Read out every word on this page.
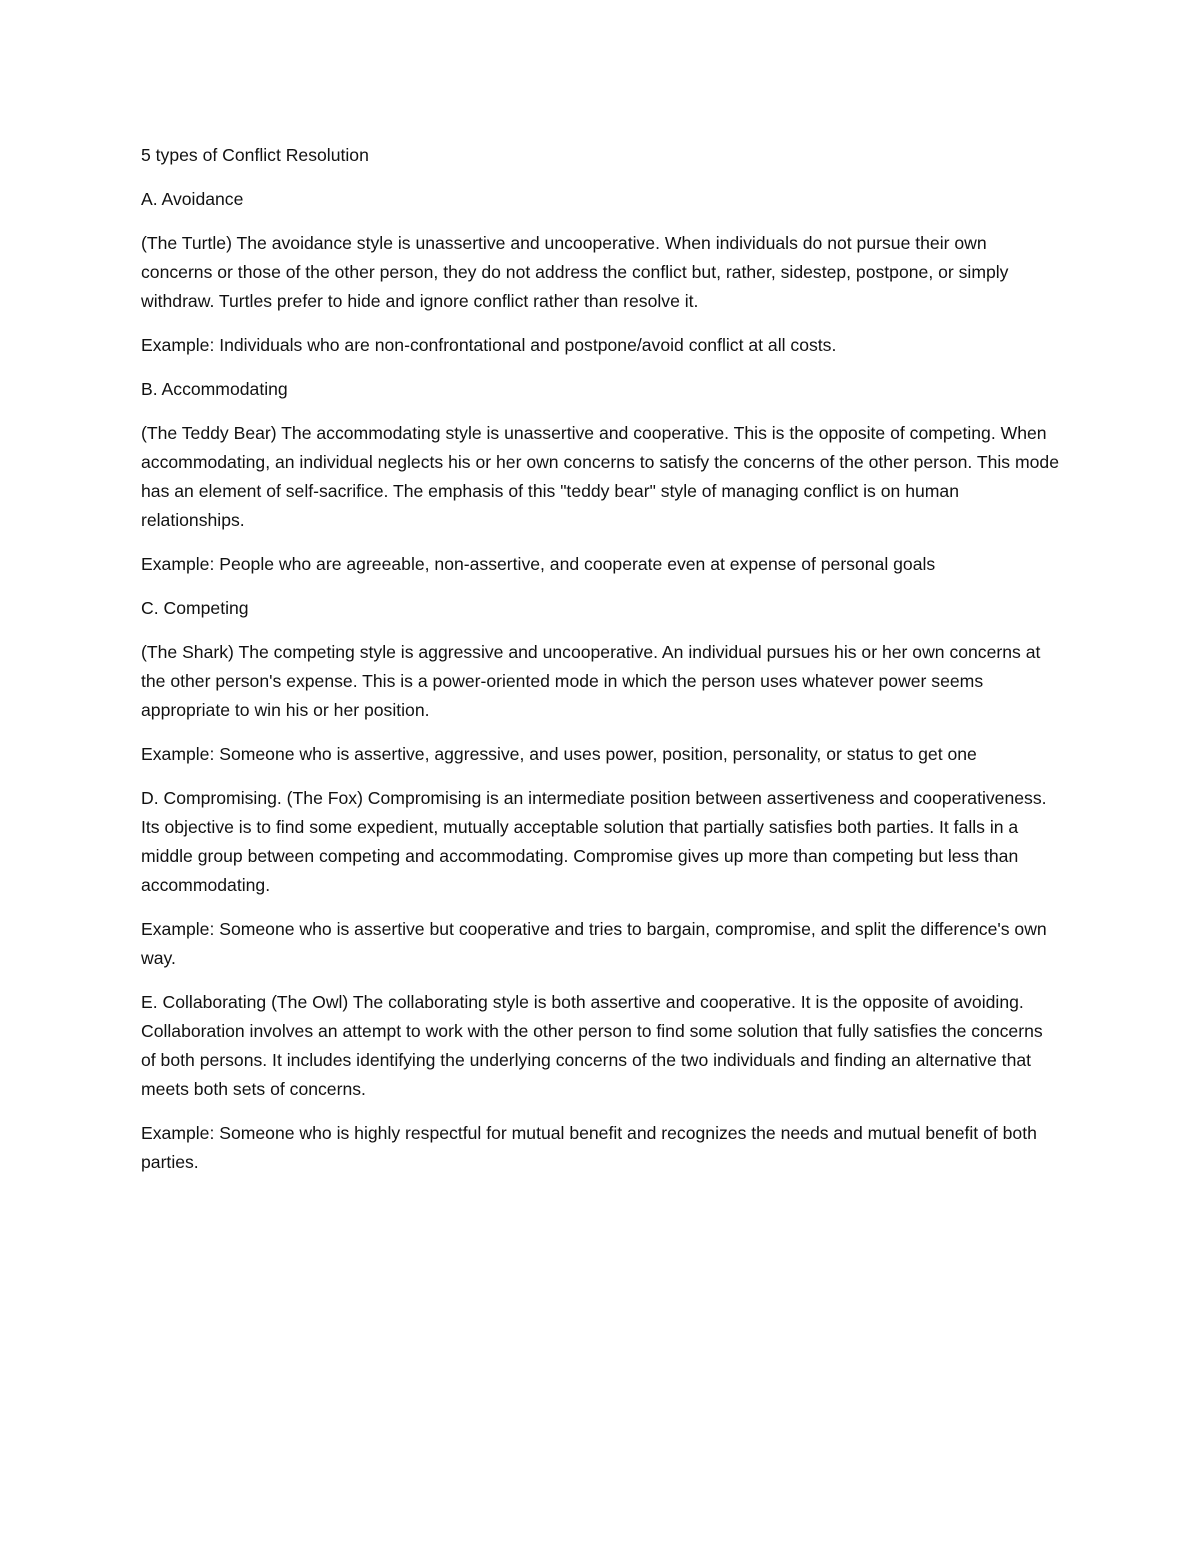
5 types of Conflict Resolution

A. Avoidance

(The Turtle) The avoidance style is unassertive and uncooperative. When individuals do not pursue their own concerns or those of the other person, they do not address the conflict but, rather, sidestep, postpone, or simply withdraw. Turtles prefer to hide and ignore conflict rather than resolve it.

Example: Individuals who are non-confrontational and postpone/avoid conflict at all costs.

B. Accommodating

(The Teddy Bear) The accommodating style is unassertive and cooperative. This is the opposite of competing. When accommodating, an individual neglects his or her own concerns to satisfy the concerns of the other person. This mode has an element of self-sacrifice. The emphasis of this "teddy bear" style of managing conflict is on human relationships.

Example: People who are agreeable, non-assertive, and cooperate even at expense of personal goals

C. Competing

(The Shark) The competing style is aggressive and uncooperative. An individual pursues his or her own concerns at the other person's expense. This is a power-oriented mode in which the person uses whatever power seems appropriate to win his or her position.

Example: Someone who is assertive, aggressive, and uses power, position, personality, or status to get one

D. Compromising. (The Fox) Compromising is an intermediate position between assertiveness and cooperativeness. Its objective is to find some expedient, mutually acceptable solution that partially satisfies both parties. It falls in a middle group between competing and accommodating. Compromise gives up more than competing but less than accommodating.

Example: Someone who is assertive but cooperative and tries to bargain, compromise, and split the difference's own way.

E. Collaborating (The Owl) The collaborating style is both assertive and cooperative. It is the opposite of avoiding. Collaboration involves an attempt to work with the other person to find some solution that fully satisfies the concerns of both persons. It includes identifying the underlying concerns of the two individuals and finding an alternative that meets both sets of concerns.

Example: Someone who is highly respectful for mutual benefit and recognizes the needs and mutual benefit of both parties.
